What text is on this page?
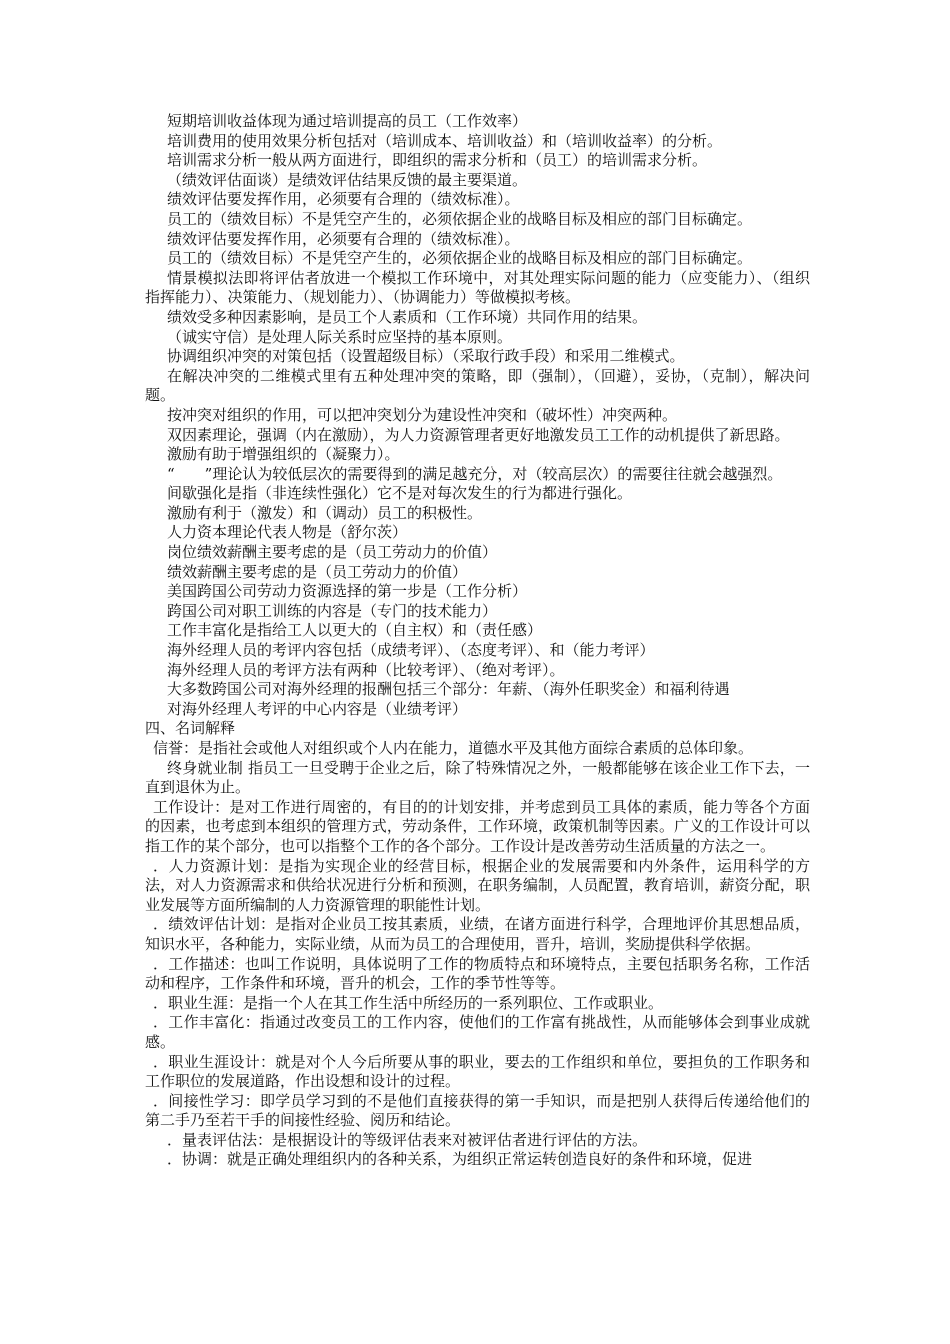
短期培训收益体现为通过培训提高的员工（工作效率）

培训费用的使用效果分析包括对（培训成本、培训收益）和（培训收益率）的分析。

培训需求分析一般从两方面进行，即组织的需求分析和（员工）的培训需求分析。

（绩效评估面谈）是绩效评估结果反馈的最主要渠道。

绩效评估要发挥作用，必须要有合理的（绩效标准）。

员工的（绩效目标）不是凭空产生的，必须依据企业的战略目标及相应的部门目标确定。

绩效评估要发挥作用，必须要有合理的（绩效标准）。

员工的（绩效目标）不是凭空产生的，必须依据企业的战略目标及相应的部门目标确定。

情景模拟法即将评估者放进一个模拟工作环境中，对其处理实际问题的能力（应变能力）、（组织指挥能力）、决策能力、（规划能力）、（协调能力）等做模拟考核。

绩效受多种因素影响，是员工个人素质和（工作环境）共同作用的结果。

（诚实守信）是处理人际关系时应坚持的基本原则。

协调组织冲突的对策包括（设置超级目标）（采取行政手段）和采用二维模式。

在解决冲突的二维模式里有五种处理冲突的策略，即（强制），（回避），妥协，（克制），解决问题。

按冲突对组织的作用，可以把冲突划分为建设性冲突和（破坏性）冲突两种。

双因素理论，强调（内在激励），为人力资源管理者更好地激发员工工作的动机提供了新思路。

激励有助于增强组织的（凝聚力）。

“　　”理论认为较低层次的需要得到的满足越充分，对（较高层次）的需要往往就会越强烈。

间歇强化是指（非连续性强化）它不是对每次发生的行为都进行强化。

激励有利于（激发）和（调动）员工的积极性。

人力资本理论代表人物是（舒尔茨）

岗位绩效薪酬主要考虑的是（员工劳动力的价值）

绩效薪酬主要考虑的是（员工劳动力的价值）

美国跨国公司劳动力资源选择的第一步是（工作分析）

跨国公司对职工训练的内容是（专门的技术能力）

工作丰富化是指给工人以更大的（自主权）和（责任感）

海外经理人员的考评内容包括（成绩考评）、（态度考评）、和（能力考评）

海外经理人员的考评方法有两种（比较考评）、（绝对考评）。

大多数跨国公司对海外经理的报酬包括三个部分：年薪、（海外任职奖金）和福利待遇

对海外经理人考评的中心内容是（业绩考评）

四、名词解释

信誉：是指社会或他人对组织或个人内在能力，道德水平及其他方面综合素质的总体印象。

终身就业制 指员工一旦受聘于企业之后，除了特殊情况之外，一般都能够在该企业工作下去，一直到退休为止。

工作设计：是对工作进行周密的，有目的的计划安排，并考虑到员工具体的素质，能力等各个方面的因素，也考虑到本组织的管理方式，劳动条件，工作环境，政策机制等因素。广义的工作设计可以指工作的某个部分，也可以指整个工作的各个部分。工作设计是改善劳动生活质量的方法之一。

．人力资源计划：是指为实现企业的经营目标，根据企业的发展需要和内外条件，运用科学的方法，对人力资源需求和供给状况进行分析和预测，在职务编制，人员配置，教育培训，薪资分配，职业发展等方面所编制的人力资源管理的职能性计划。

．绩效评估计划：是指对企业员工按其素质，业绩，在诸方面进行科学，合理地评价其思想品质，知识水平，各种能力，实际业绩，从而为员工的合理使用，晋升，培训，奖励提供科学依据。

．工作描述：也叫工作说明，具体说明了工作的物质特点和环境特点，主要包括职务名称，工作活动和程序，工作条件和环境，晋升的机会，工作的季节性等等。

．职业生涯：是指一个人在其工作生活中所经历的一系列职位、工作或职业。

．工作丰富化：指通过改变员工的工作内容，使他们的工作富有挑战性，从而能够体会到事业成就感。

．职业生涯设计：就是对个人今后所要从事的职业，要去的工作组织和单位，要担负的工作职务和工作职位的发展道路，作出设想和设计的过程。

．间接性学习：即学员学习到的不是他们直接获得的第一手知识，而是把别人获得后传递给他们的第二手乃至若干手的间接性经验、阅历和结论。

．量表评估法：是根据设计的等级评估表来对被评估者进行评估的方法。

．协调：就是正确处理组织内的各种关系，为组织正常运转创造良好的条件和环境，促进
